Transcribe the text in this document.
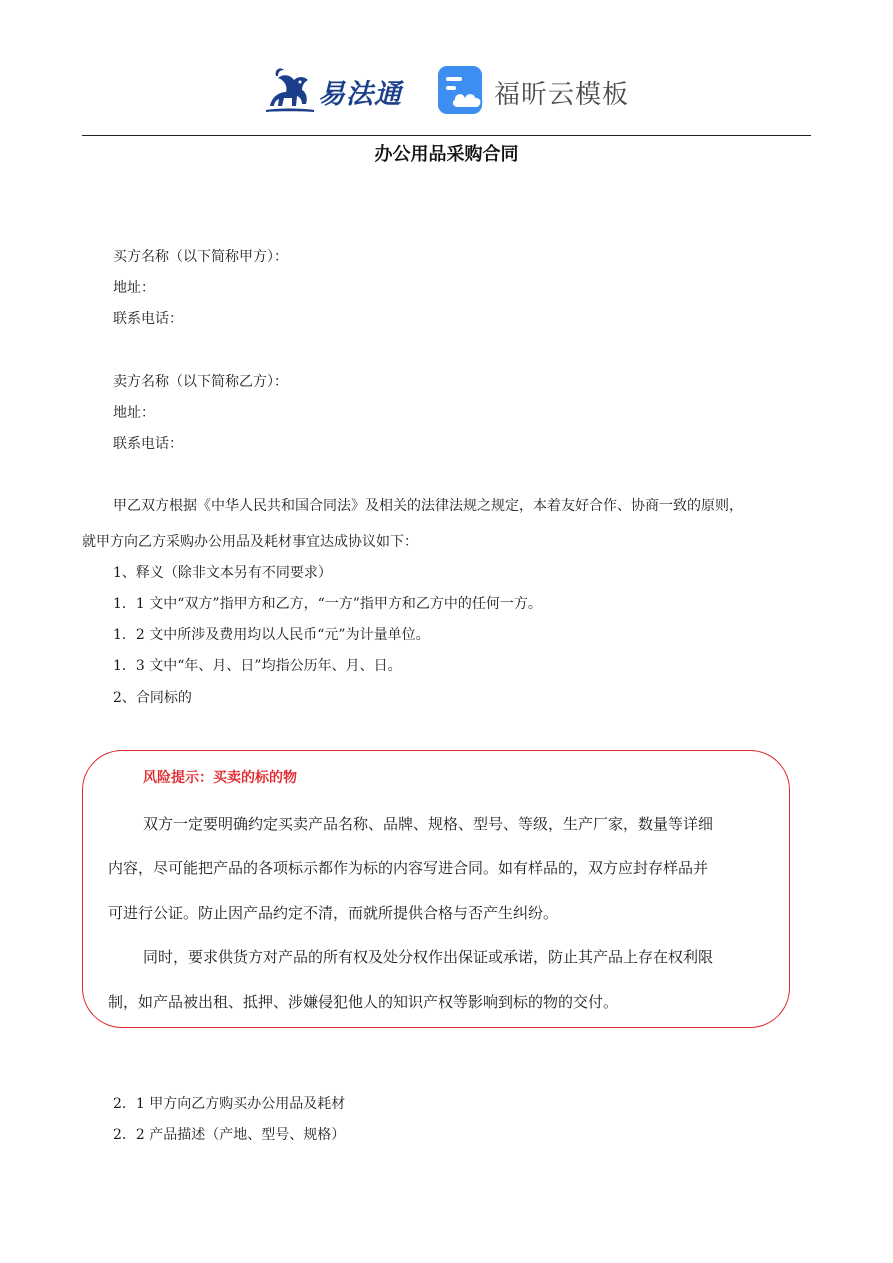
易法通	福昕云模板
办公用品采购合同
买方名称（以下简称甲方）：
地址：
联系电话：
卖方名称（以下简称乙方）：
地址：
联系电话：
甲乙双方根据《中华人民共和国合同法》及相关的法律法规之规定，本着友好合作、协商一致的原则，
就甲方向乙方采购办公用品及耗材事宜达成协议如下：
1、释义（除非文本另有不同要求）
1．1 文中“双方”指甲方和乙方，“一方”指甲方和乙方中的任何一方。
1．2 文中所涉及费用均以人民币“元”为计量单位。
1．3 文中“年、月、日”均指公历年、月、日。
2、合同标的
风险提示：买卖的标的物
双方一定要明确约定买卖产品名称、品牌、规格、型号、等级，生产厂家，数量等详细
内容，尽可能把产品的各项标示都作为标的内容写进合同。如有样品的，双方应封存样品并
可进行公证。防止因产品约定不清，而就所提供合格与否产生纠纷。
同时，要求供货方对产品的所有权及处分权作出保证或承诺，防止其产品上存在权利限
制，如产品被出租、抵押、涉嫌侵犯他人的知识产权等影响到标的物的交付。
2．1 甲方向乙方购买办公用品及耗材
2．2 产品描述（产地、型号、规格）
